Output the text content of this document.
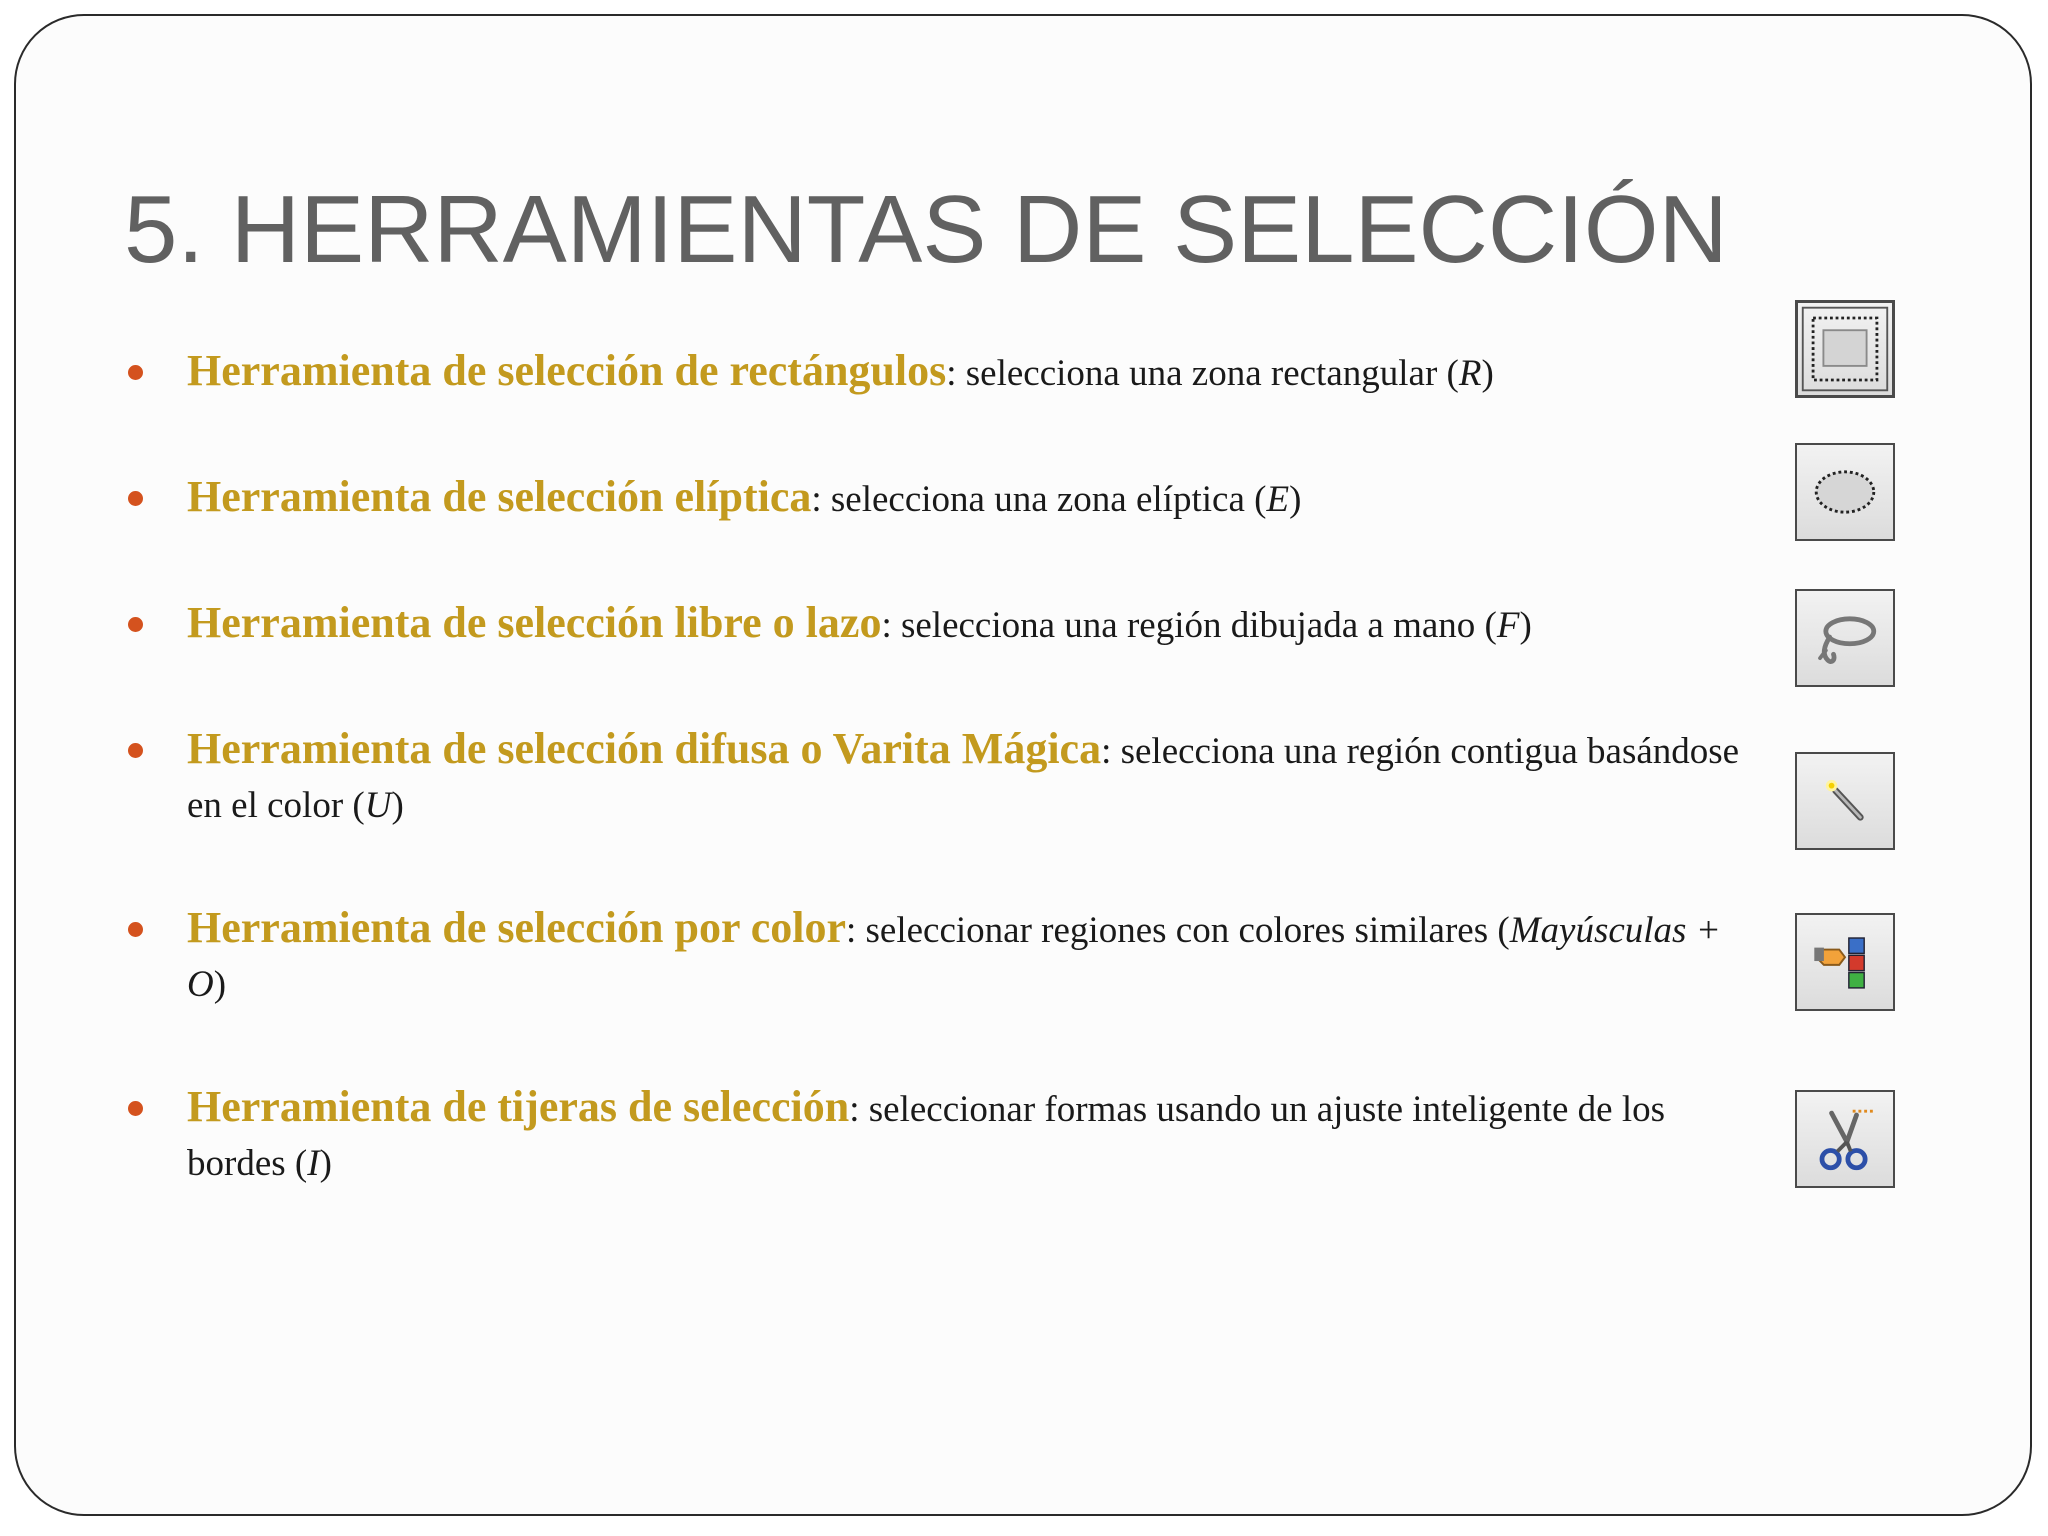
5. HERRAMIENTAS DE SELECCIÓN

Herramienta de selección de rectángulos: selecciona una zona rectangular (R)

Herramienta de selección elíptica: selecciona una zona elíptica (E)

Herramienta de selección libre o lazo: selecciona una región dibujada a mano (F)

Herramienta de selección difusa o Varita Mágica: selecciona una región contigua basándose en el color (U)

Herramienta de selección por color: seleccionar regiones con colores similares (Mayúsculas + O)

Herramienta de tijeras de selección: seleccionar formas usando un ajuste inteligente de los bordes (I)
